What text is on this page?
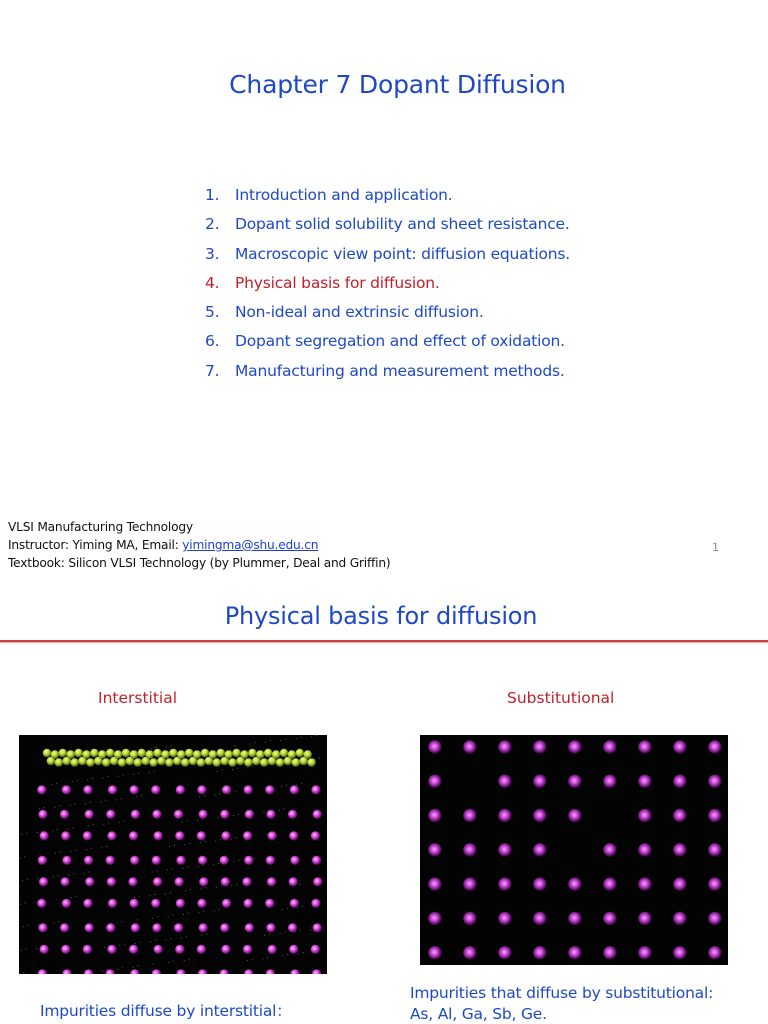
Chapter 7 Dopant Diffusion
1. Introduction and application.
2. Dopant solid solubility and sheet resistance.
3. Macroscopic view point: diffusion equations.
4. Physical basis for diffusion.
5. Non-ideal and extrinsic diffusion.
6. Dopant segregation and effect of oxidation.
7. Manufacturing and measurement methods.
VLSI Manufacturing Technology
Instructor: Yiming MA, Email: yimingma@shu.edu.cn
Textbook: Silicon VLSI Technology (by Plummer, Deal and Griffin)
1
Physical basis for diffusion
Interstitial	Substitutional
Impurities diffuse by interstitial：
Impurities that diffuse by substitutional:
As, Al, Ga, Sb, Ge.
